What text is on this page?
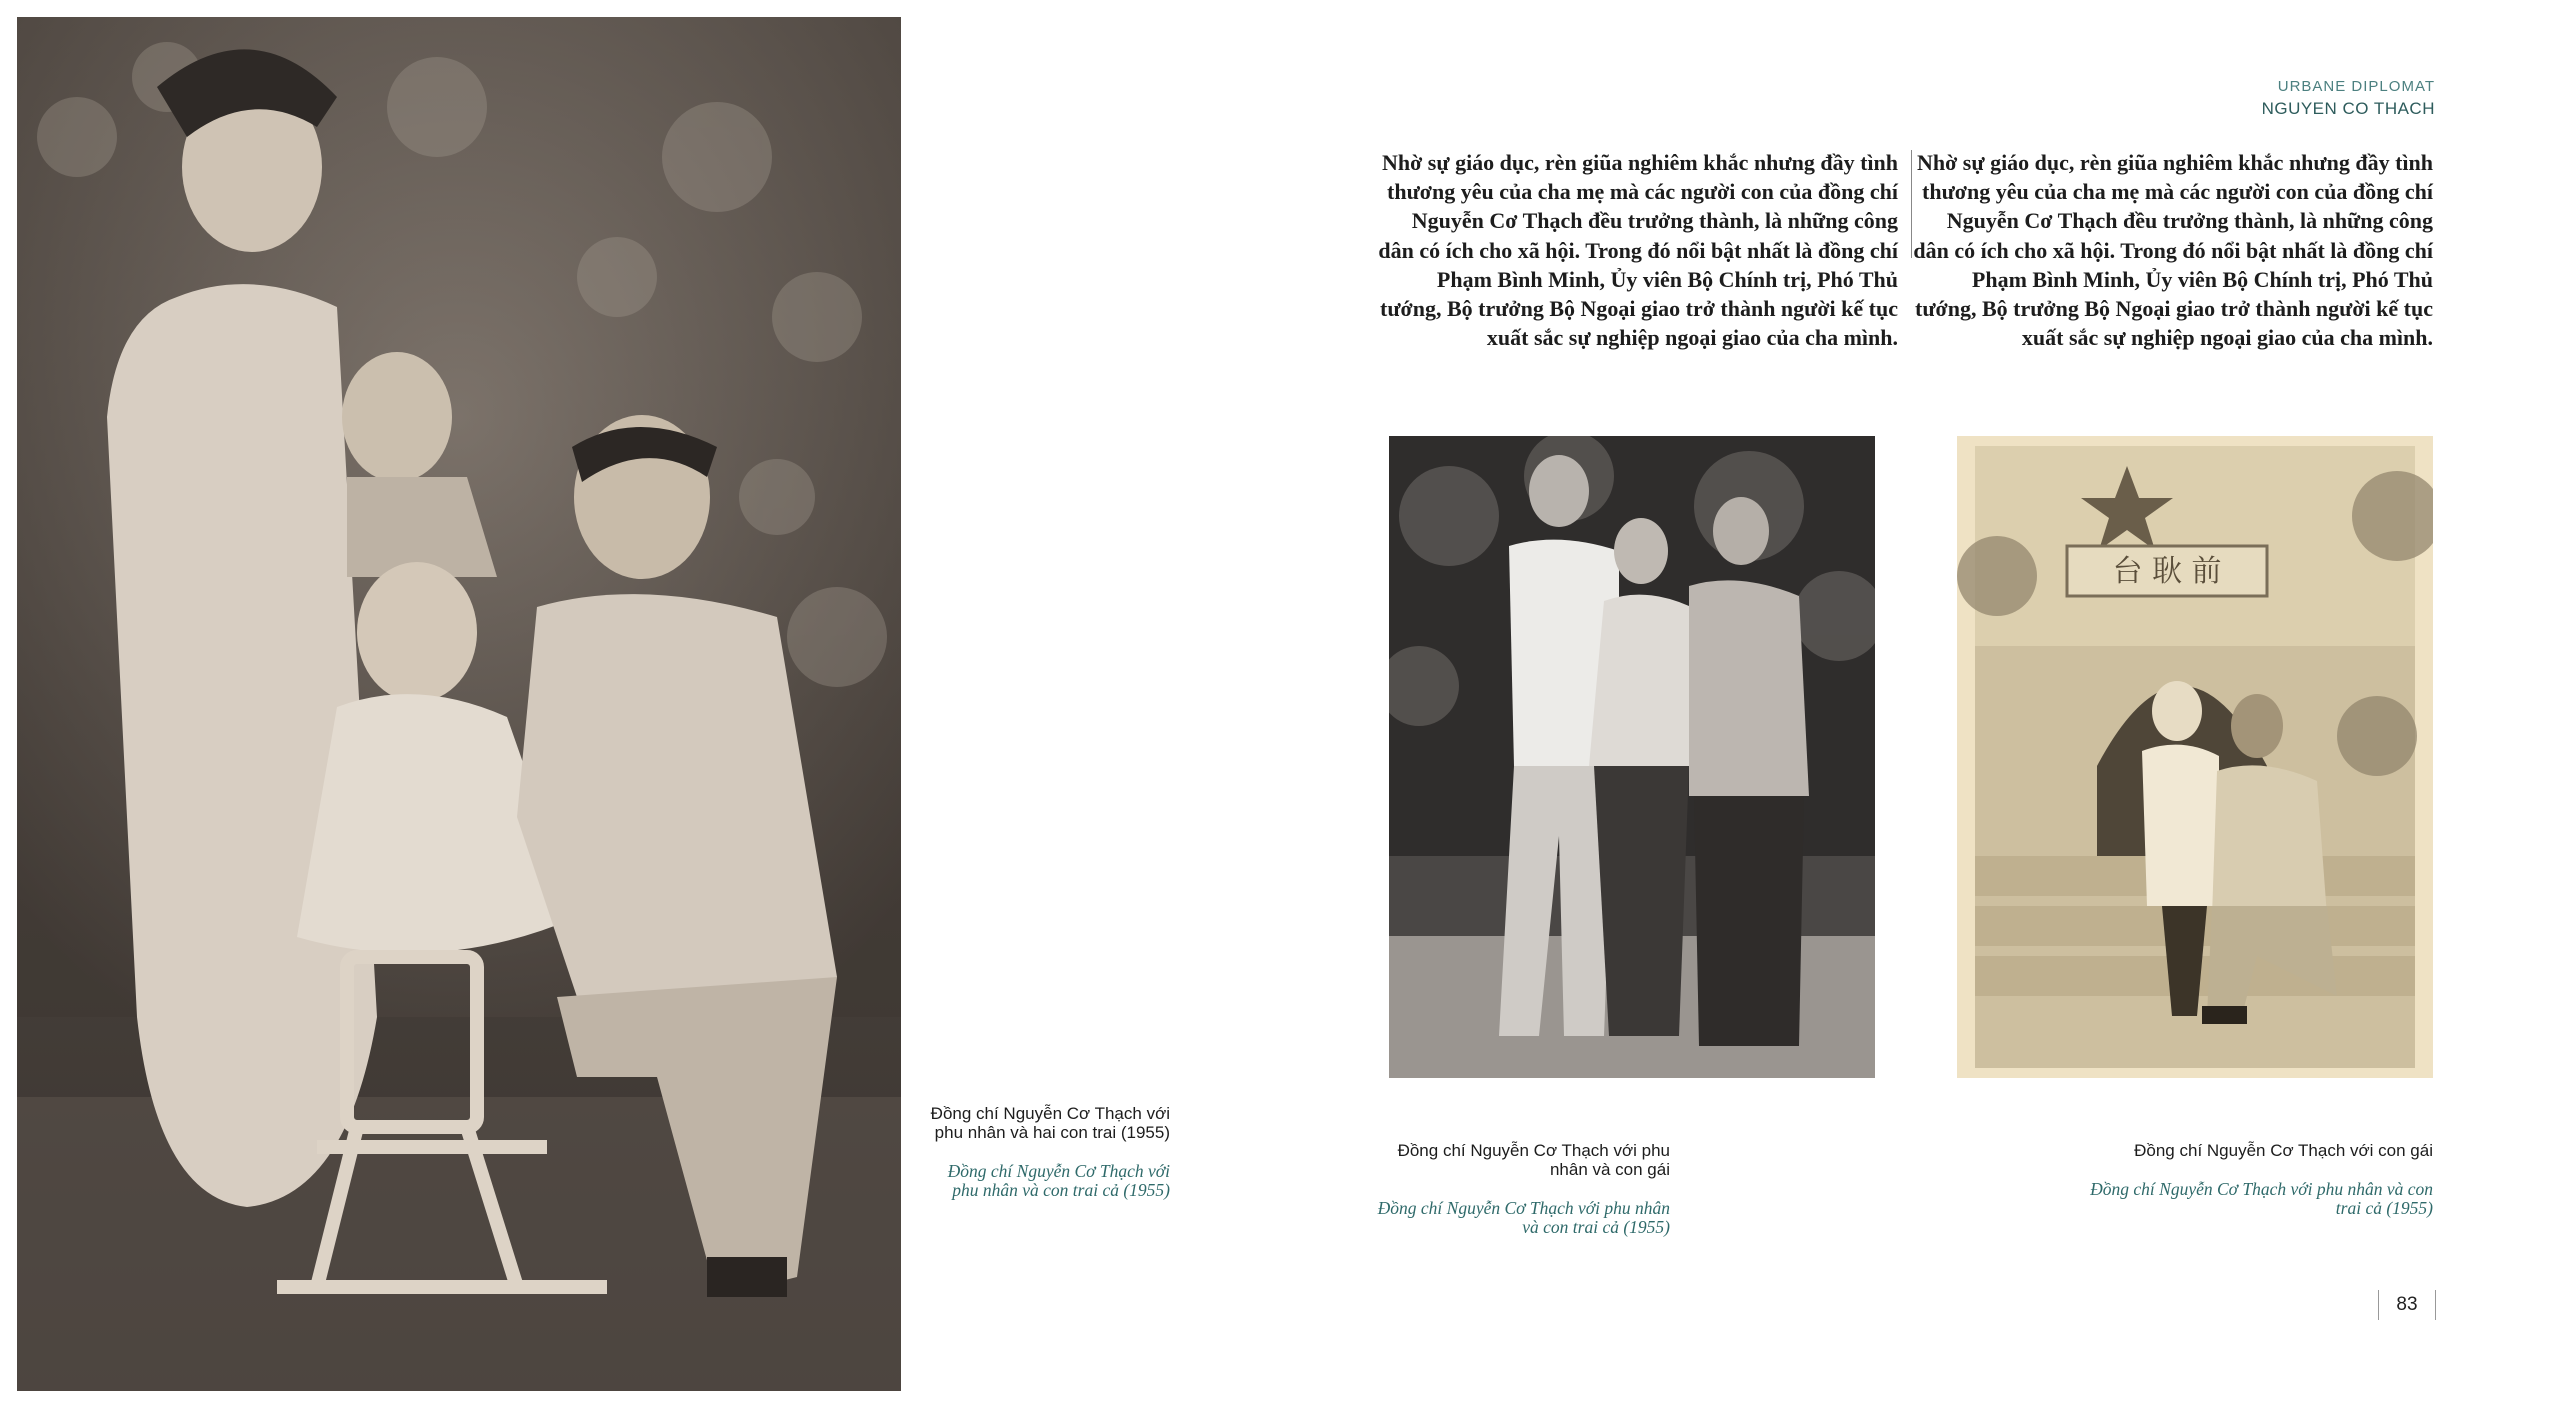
URBANE DIPLOMAT
NGUYEN CO THACH
Nhờ sự giáo dục, rèn giũa nghiêm khắc nhưng đầy tình thương yêu của cha mẹ mà các người con của đồng chí Nguyễn Cơ Thạch đều trưởng thành, là những công dân có ích cho xã hội. Trong đó nổi bật nhất là đồng chí Phạm Bình Minh, Ủy viên Bộ Chính trị, Phó Thủ tướng, Bộ trưởng Bộ Ngoại giao trở thành người kế tục xuất sắc sự nghiệp ngoại giao của cha mình.
Nhờ sự giáo dục, rèn giũa nghiêm khắc nhưng đầy tình thương yêu của cha mẹ mà các người con của đồng chí Nguyễn Cơ Thạch đều trưởng thành, là những công dân có ích cho xã hội. Trong đó nổi bật nhất là đồng chí Phạm Bình Minh, Ủy viên Bộ Chính trị, Phó Thủ tướng, Bộ trưởng Bộ Ngoại giao trở thành người kế tục xuất sắc sự nghiệp ngoại giao của cha mình.
台 耿 前
Đồng chí Nguyễn Cơ Thạch với phu nhân và hai con trai (1955)
Đồng chí Nguyễn Cơ Thạch với phu nhân và con trai cả (1955)
Đồng chí Nguyễn Cơ Thạch với phu nhân và con gái
Đồng chí Nguyễn Cơ Thạch với phu nhân và con trai cả (1955)
Đồng chí Nguyễn Cơ Thạch với con gái
Đồng chí Nguyễn Cơ Thạch với phu nhân và con trai cả (1955)
83
